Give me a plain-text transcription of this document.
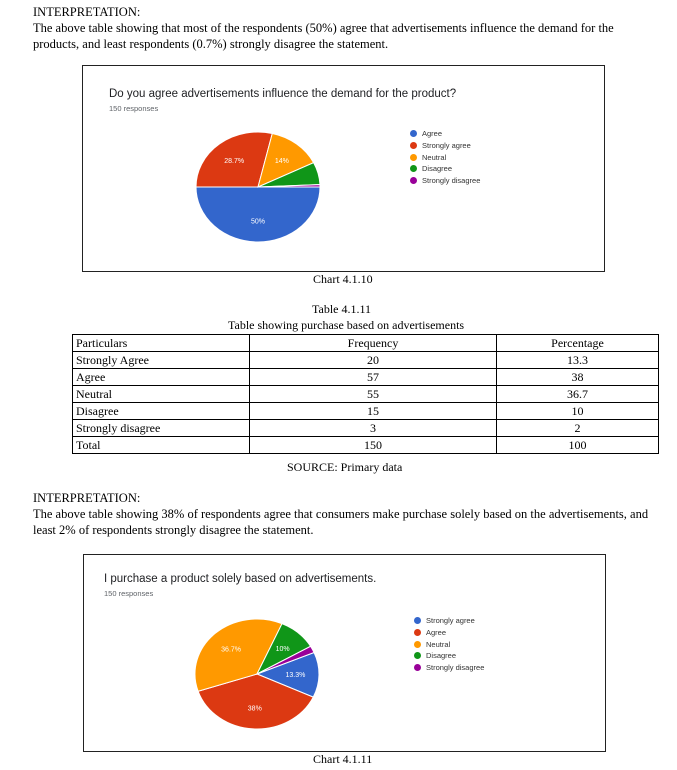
INTERPRETATION:

The above table showing that most of the respondents (50%) agree that advertisements influence the demand for the products, and least respondents (0.7%) strongly disagree the statement.

Do you agree advertisements influence the demand for the product?
150 responses
50%
28.7%	14%
Agree
Strongly agree
Neutral
Disagree
Strongly disagree
Chart 4.1.10
Table 4.1.11
Table showing purchase based on advertisements
Particulars	Frequency	Percentage
Strongly Agree	20	13.3
Agree	57	38
Neutral	55	36.7
Disagree	15	10
Strongly disagree	3	2
Total	150	100
SOURCE: Primary data

INTERPRETATION:

The above table showing 38% of respondents agree that consumers make purchase solely based on the advertisements, and least 2% of respondents strongly disagree the statement.

I purchase a product solely based on advertisements.
150 responses
13.3%
38%
36.7%	10%
Strongly agree
Agree
Neutral
Disagree
Strongly disagree
Chart 4.1.11
